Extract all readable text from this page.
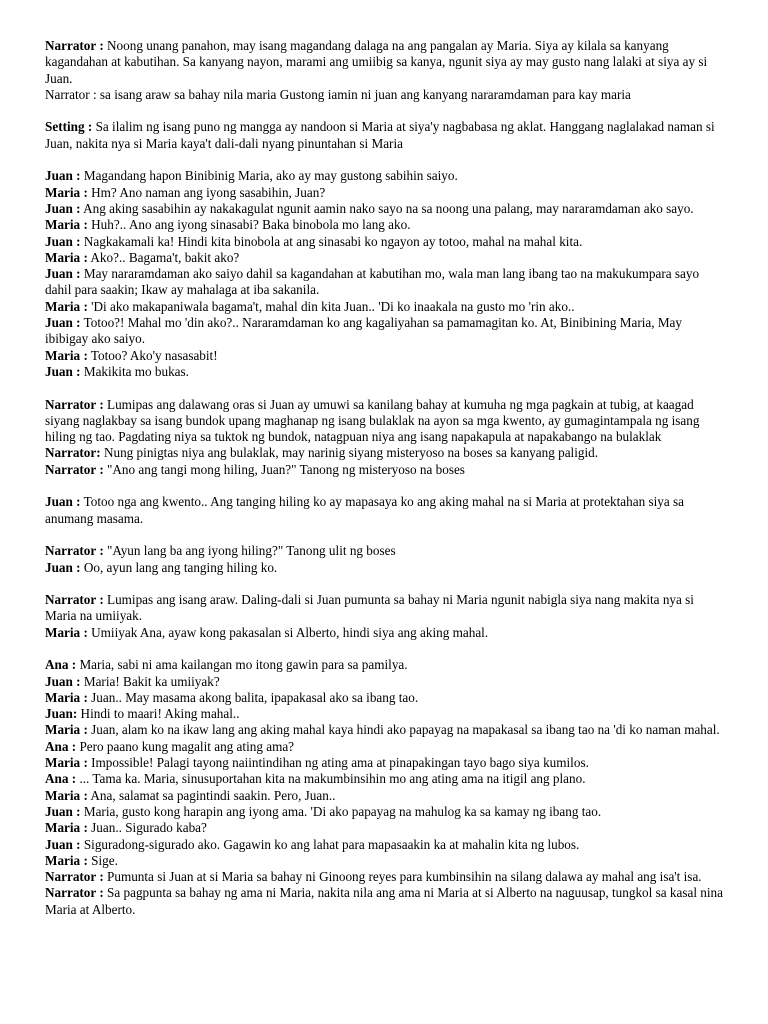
Narrator : Noong unang panahon, may isang magandang dalaga na ang pangalan ay Maria. Siya ay kilala sa kanyang kagandahan at kabutihan. Sa kanyang nayon, marami ang umiibig sa kanya, ngunit siya ay may gusto nang lalaki at siya ay si Juan.

Narrator : sa isang araw sa bahay nila maria Gustong iamin ni juan ang kanyang nararamdaman para kay maria

Setting : Sa ilalim ng isang puno ng mangga ay nandoon si Maria at siya'y nagbabasa ng aklat. Hanggang naglalakad naman si Juan, nakita nya si Maria kaya't dali-dali nyang pinuntahan si Maria

Juan : Magandang hapon Binibinig Maria, ako ay may gustong sabihin saiyo.

Maria : Hm? Ano naman ang iyong sasabihin, Juan?

Juan : Ang aking sasabihin ay nakakagulat ngunit aamin nako sayo na sa noong una palang, may nararamdaman ako sayo.

Maria : Huh?.. Ano ang iyong sinasabi? Baka binobola mo lang ako.

Juan : Nagkakamali ka! Hindi kita binobola at ang sinasabi ko ngayon ay totoo, mahal na mahal kita.

Maria : Ako?.. Bagama't, bakit ako?

Juan : May nararamdaman ako saiyo dahil sa kagandahan at kabutihan mo, wala man lang ibang tao na makukumpara sayo dahil para saakin; Ikaw ay mahalaga at iba sakanila.

Maria : 'Di ako makapaniwala bagama't, mahal din kita Juan.. 'Di ko inaakala na gusto mo 'rin ako..

Juan : Totoo?! Mahal mo 'din ako?.. Nararamdaman ko ang kagaliyahan sa pamamagitan ko. At, Binibining Maria, May ibibigay ako saiyo.

Maria : Totoo? Ako'y nasasabit!

Juan : Makikita mo bukas.

Narrator : Lumipas ang dalawang oras si Juan ay umuwi sa kanilang bahay at kumuha ng mga pagkain at tubig, at kaagad siyang naglakbay sa isang bundok upang maghanap ng isang bulaklak na ayon sa mga kwento, ay gumagintampala ng isang hiling ng tao. Pagdating niya sa tuktok ng bundok, natagpuan niya ang isang napakapula at napakabango na bulaklak

Narrator: Nung pinigtas niya ang bulaklak, may narinig siyang misteryoso na boses sa kanyang paligid.

Narrator : "Ano ang tangi mong hiling, Juan?" Tanong ng misteryoso na boses

Juan : Totoo nga ang kwento.. Ang tanging hiling ko ay mapasaya ko ang aking mahal na si Maria at protektahan siya sa anumang masama.

Narrator : "Ayun lang ba ang iyong hiling?" Tanong ulit ng boses

Juan : Oo, ayun lang ang tanging hiling ko.

Narrator : Lumipas ang isang araw. Daling-dali si Juan pumunta sa bahay ni Maria ngunit nabigla siya nang makita nya si Maria na umiiyak.

Maria : Umiiyak Ana, ayaw kong pakasalan si Alberto, hindi siya ang aking mahal.

Ana : Maria, sabi ni ama kailangan mo itong gawin para sa pamilya.

Juan : Maria! Bakit ka umiiyak?

Maria : Juan.. May masama akong balita, ipapakasal ako sa ibang tao.

Juan: Hindi to maari! Aking mahal..

Maria : Juan, alam ko na ikaw lang ang aking mahal kaya hindi ako papayag na mapakasal sa ibang tao na 'di ko naman mahal.

Ana : Pero paano kung magalit ang ating ama?

Maria : Impossible! Palagi tayong naiintindihan ng ating ama at pinapakingan tayo bago siya kumilos.

Ana : ... Tama ka. Maria, sinusuportahan kita na makumbinsihin mo ang ating ama na itigil ang plano.

Maria : Ana, salamat sa pagintindi saakin. Pero, Juan..

Juan : Maria, gusto kong harapin ang iyong ama. 'Di ako papayag na mahulog ka sa kamay ng ibang tao.

Maria : Juan.. Sigurado kaba?

Juan : Siguradong-sigurado ako. Gagawin ko ang lahat para mapasaakin ka at mahalin kita ng lubos.

Maria : Sige.

Narrator : Pumunta si Juan at si Maria sa bahay ni Ginoong reyes para kumbinsihin na silang dalawa ay mahal ang isa't isa.

Narrator : Sa pagpunta sa bahay ng ama ni Maria, nakita nila ang ama ni Maria at si Alberto na naguusap, tungkol sa kasal nina Maria at Alberto.
